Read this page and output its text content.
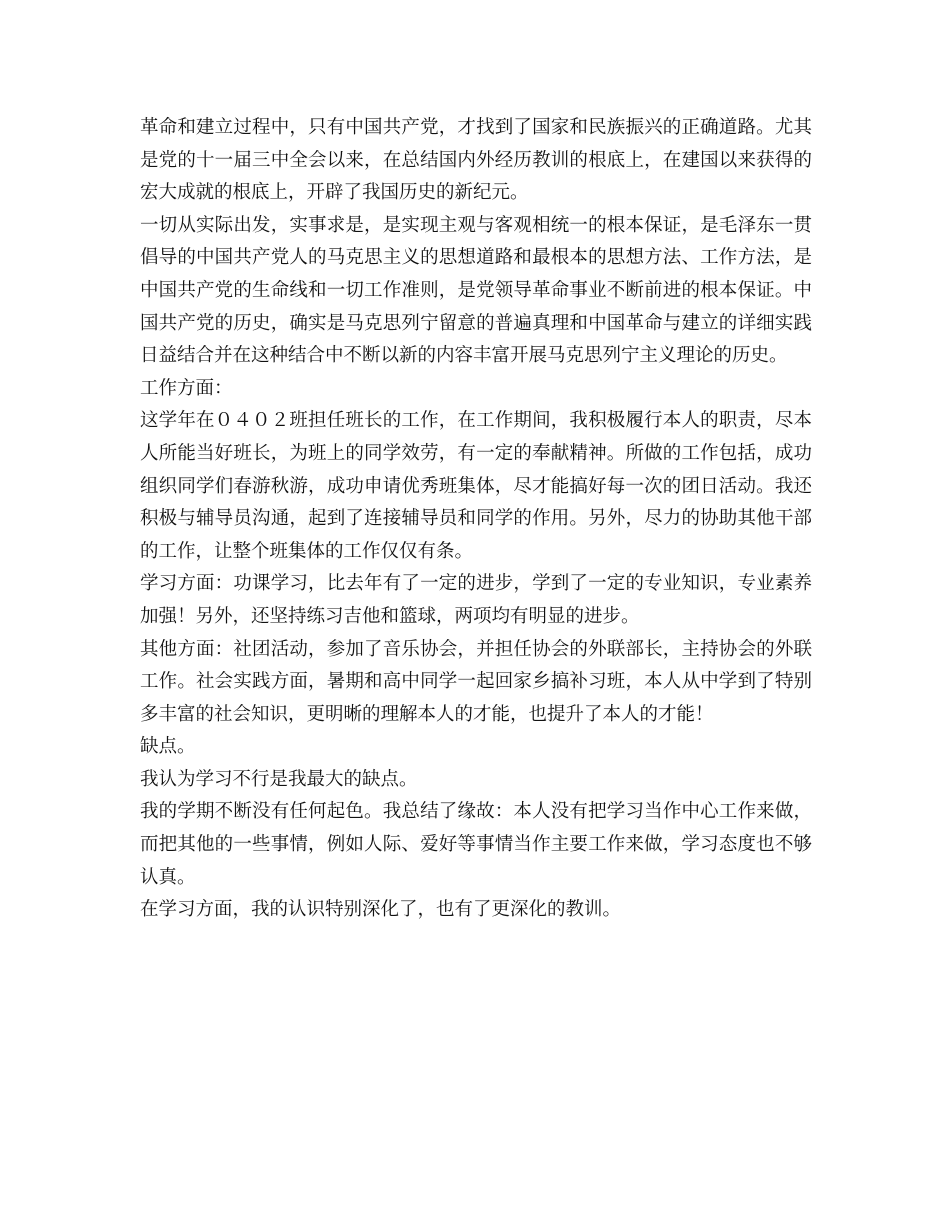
革命和建立过程中，只有中国共产党，才找到了国家和民族振兴的正确道路。尤其是党的十一届三中全会以来，在总结国内外经历教训的根底上，在建国以来获得的宏大成就的根底上，开辟了我国历史的新纪元。

一切从实际出发，实事求是，是实现主观与客观相统一的根本保证，是毛泽东一贯倡导的中国共产党人的马克思主义的思想道路和最根本的思想方法、工作方法，是中国共产党的生命线和一切工作准则，是党领导革命事业不断前进的根本保证。中国共产党的历史，确实是马克思列宁留意的普遍真理和中国革命与建立的详细实践日益结合并在这种结合中不断以新的内容丰富开展马克思列宁主义理论的历史。

工作方面：

这学年在０４０２班担任班长的工作，在工作期间，我积极履行本人的职责，尽本人所能当好班长，为班上的同学效劳，有一定的奉献精神。所做的工作包括，成功组织同学们春游秋游，成功申请优秀班集体，尽才能搞好每一次的团日活动。我还积极与辅导员沟通，起到了连接辅导员和同学的作用。另外，尽力的协助其他干部的工作，让整个班集体的工作仅仅有条。

学习方面：功课学习，比去年有了一定的进步，学到了一定的专业知识，专业素养加强！另外，还坚持练习吉他和篮球，两项均有明显的进步。

其他方面：社团活动，参加了音乐协会，并担任协会的外联部长，主持协会的外联工作。社会实践方面，暑期和高中同学一起回家乡搞补习班，本人从中学到了特别多丰富的社会知识，更明晰的理解本人的才能，也提升了本人的才能！

缺点。

我认为学习不行是我最大的缺点。

我的学期不断没有任何起色。我总结了缘故：本人没有把学习当作中心工作来做，而把其他的一些事情，例如人际、爱好等事情当作主要工作来做，学习态度也不够认真。

在学习方面，我的认识特别深化了，也有了更深化的教训。
